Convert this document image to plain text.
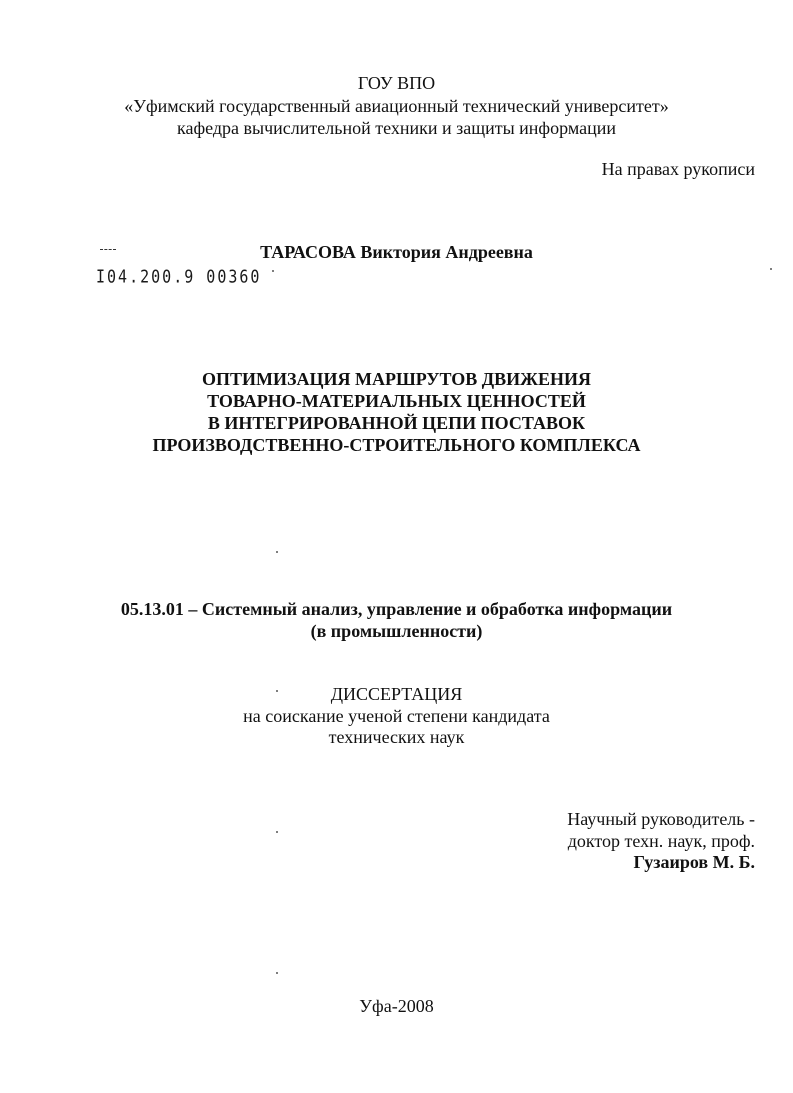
ГОУ ВПО
«Уфимский государственный авиационный технический университет»
кафедра вычислительной техники и защиты информации
На правах рукописи
ТАРАСОВА Виктория Андреевна
I04.200.9 00360
ОПТИМИЗАЦИЯ МАРШРУТОВ ДВИЖЕНИЯ
ТОВАРНО-МАТЕРИАЛЬНЫХ ЦЕННОСТЕЙ
В ИНТЕГРИРОВАННОЙ ЦЕПИ ПОСТАВОК
ПРОИЗВОДСТВЕННО-СТРОИТЕЛЬНОГО КОМПЛЕКСА
05.13.01 – Системный анализ, управление и обработка информации
(в промышленности)
ДИССЕРТАЦИЯ
на соискание ученой степени кандидата
технических наук
Научный руководитель -
доктор техн. наук, проф.
Гузаиров М. Б.
Уфа-2008
